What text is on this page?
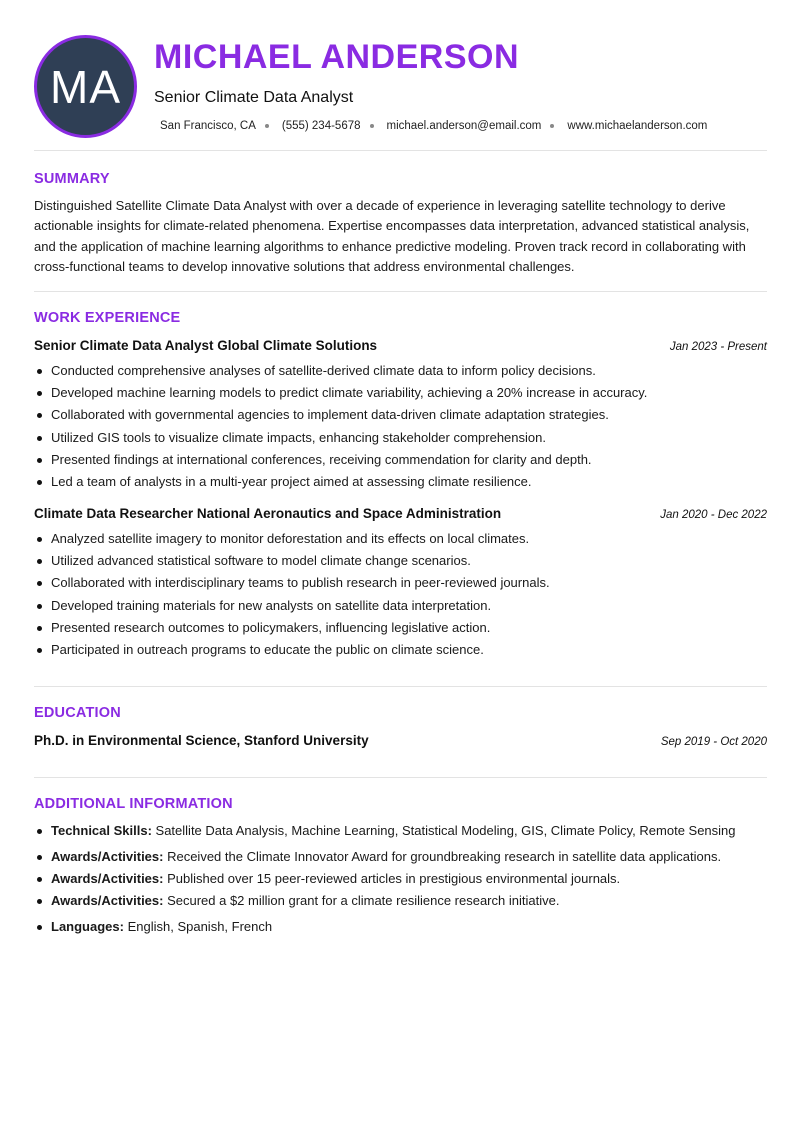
MA
MICHAEL ANDERSON
Senior Climate Data Analyst
San Francisco, CA (555) 234-5678 michael.anderson@email.com www.michaelanderson.com
SUMMARY

Distinguished Satellite Climate Data Analyst with over a decade of experience in leveraging satellite technology to derive actionable insights for climate-related phenomena. Expertise encompasses data interpretation, advanced statistical analysis, and the application of machine learning algorithms to enhance predictive modeling. Proven track record in collaborating with cross-functional teams to develop innovative solutions that address environmental challenges.

WORK EXPERIENCE
Senior Climate Data Analyst Global Climate Solutions	Jan 2023 - Present
Conducted comprehensive analyses of satellite-derived climate data to inform policy decisions.
Developed machine learning models to predict climate variability, achieving a 20% increase in accuracy.
Collaborated with governmental agencies to implement data-driven climate adaptation strategies.
Utilized GIS tools to visualize climate impacts, enhancing stakeholder comprehension.
Presented findings at international conferences, receiving commendation for clarity and depth.
Led a team of analysts in a multi-year project aimed at assessing climate resilience.
Climate Data Researcher National Aeronautics and Space Administration	Jan 2020 - Dec 2022
Analyzed satellite imagery to monitor deforestation and its effects on local climates.
Utilized advanced statistical software to model climate change scenarios.
Collaborated with interdisciplinary teams to publish research in peer-reviewed journals.
Developed training materials for new analysts on satellite data interpretation.
Presented research outcomes to policymakers, influencing legislative action.
Participated in outreach programs to educate the public on climate science.
EDUCATION
Ph.D. in Environmental Science, Stanford University	Sep 2019 - Oct 2020
ADDITIONAL INFORMATION
Technical Skills: Satellite Data Analysis, Machine Learning, Statistical Modeling, GIS, Climate Policy, Remote Sensing
Awards/Activities: Received the Climate Innovator Award for groundbreaking research in satellite data applications.
Awards/Activities: Published over 15 peer-reviewed articles in prestigious environmental journals.
Awards/Activities: Secured a $2 million grant for a climate resilience research initiative.
Languages: English, Spanish, French
